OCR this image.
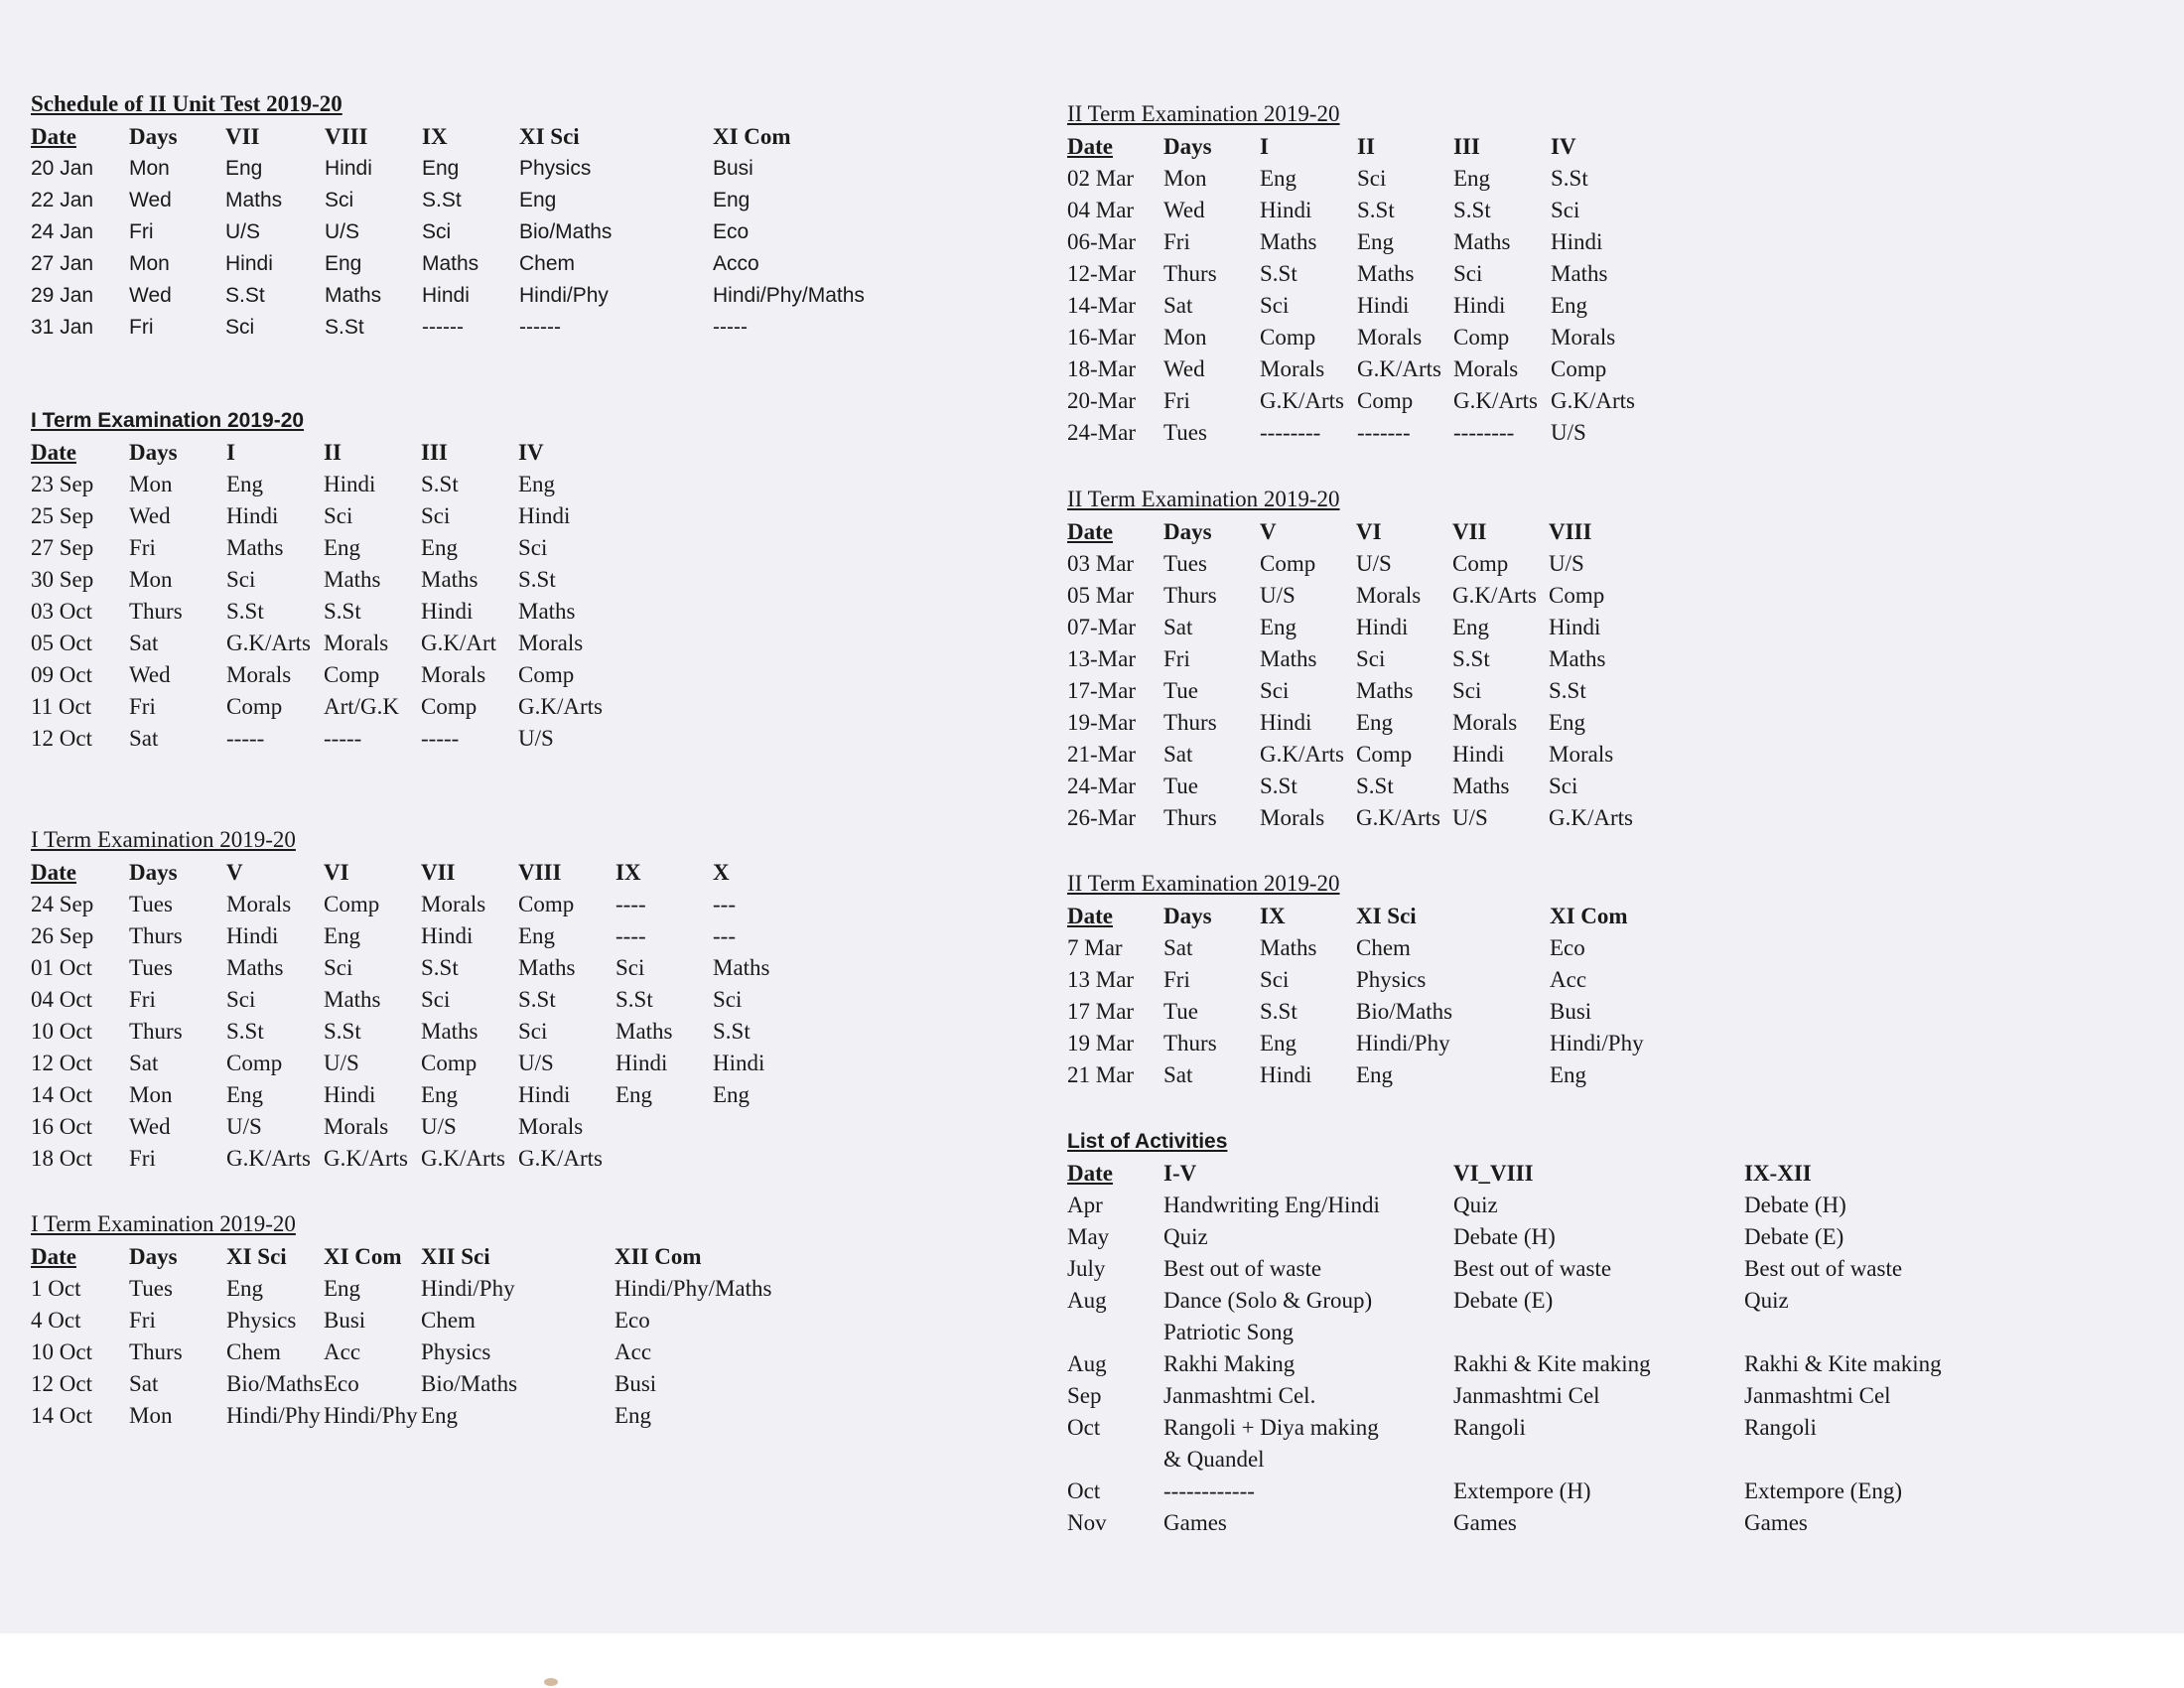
Schedule of II Unit Test 2019-20
Date	Days	VII	VIII	IX	XI Sci	XI Com
20 Jan	Mon	Eng	Hindi	Eng	Physics	Busi
22 Jan	Wed	Maths	Sci	S.St	Eng	Eng
24 Jan	Fri	U/S	U/S	Sci	Bio/Maths	Eco
27 Jan	Mon	Hindi	Eng	Maths	Chem	Acco
29 Jan	Wed	S.St	Maths	Hindi	Hindi/Phy	Hindi/Phy/Maths
31 Jan	Fri	Sci	S.St	------	------	-----
I Term Examination 2019-20
Date	Days	I	II	III	IV
23 Sep	Mon	Eng	Hindi	S.St	Eng
25 Sep	Wed	Hindi	Sci	Sci	Hindi
27 Sep	Fri	Maths	Eng	Eng	Sci
30 Sep	Mon	Sci	Maths	Maths	S.St
03 Oct	Thurs	S.St	S.St	Hindi	Maths
05 Oct	Sat	G.K/Arts	Morals	G.K/Art	Morals
09 Oct	Wed	Morals	Comp	Morals	Comp
11 Oct	Fri	Comp	Art/G.K	Comp	G.K/Arts
12 Oct	Sat	-----	-----	-----	U/S
I Term Examination 2019-20
Date	Days	V	VI	VII	VIII	IX	X
24 Sep	Tues	Morals	Comp	Morals	Comp	----	---
26 Sep	Thurs	Hindi	Eng	Hindi	Eng	----	---
01 Oct	Tues	Maths	Sci	S.St	Maths	Sci	Maths
04 Oct	Fri	Sci	Maths	Sci	S.St	S.St	Sci
10 Oct	Thurs	S.St	S.St	Maths	Sci	Maths	S.St
12 Oct	Sat	Comp	U/S	Comp	U/S	Hindi	Hindi
14 Oct	Mon	Eng	Hindi	Eng	Hindi	Eng	Eng
16 Oct	Wed	U/S	Morals	U/S	Morals		
18 Oct	Fri	G.K/Arts	G.K/Arts	G.K/Arts	G.K/Arts		
I Term Examination 2019-20
Date	Days	XI Sci	XI Com	XII Sci	XII Com
1 Oct	Tues	Eng	Eng	Hindi/Phy	Hindi/Phy/Maths
4 Oct	Fri	Physics	Busi	Chem	Eco
10 Oct	Thurs	Chem	Acc	Physics	Acc
12 Oct	Sat	Bio/Maths	Eco	Bio/Maths	Busi
14 Oct	Mon	Hindi/Phy	Hindi/Phy	Eng	Eng
II Term Examination 2019-20
Date	Days	I	II	III	IV
02 Mar	Mon	Eng	Sci	Eng	S.St
04 Mar	Wed	Hindi	S.St	S.St	Sci
06-Mar	Fri	Maths	Eng	Maths	Hindi
12-Mar	Thurs	S.St	Maths	Sci	Maths
14-Mar	Sat	Sci	Hindi	Hindi	Eng
16-Mar	Mon	Comp	Morals	Comp	Morals
18-Mar	Wed	Morals	G.K/Arts	Morals	Comp
20-Mar	Fri	G.K/Arts	Comp	G.K/Arts	G.K/Arts
24-Mar	Tues	--------	-------	--------	U/S
II Term Examination 2019-20
Date	Days	V	VI	VII	VIII
03 Mar	Tues	Comp	U/S	Comp	U/S
05 Mar	Thurs	U/S	Morals	G.K/Arts	Comp
07-Mar	Sat	Eng	Hindi	Eng	Hindi
13-Mar	Fri	Maths	Sci	S.St	Maths
17-Mar	Tue	Sci	Maths	Sci	S.St
19-Mar	Thurs	Hindi	Eng	Morals	Eng
21-Mar	Sat	G.K/Arts	Comp	Hindi	Morals
24-Mar	Tue	S.St	S.St	Maths	Sci
26-Mar	Thurs	Morals	G.K/Arts	U/S	G.K/Arts
II Term Examination 2019-20
Date	Days	IX	XI Sci	XI Com
7 Mar	Sat	Maths	Chem	Eco
13 Mar	Fri	Sci	Physics	Acc
17 Mar	Tue	S.St	Bio/Maths	Busi
19 Mar	Thurs	Eng	Hindi/Phy	Hindi/Phy
21 Mar	Sat	Hindi	Eng	Eng
List of Activities
Date	I-V	VI_VIII	IX-XII
Apr	Handwriting Eng/Hindi	Quiz	Debate (H)
May	Quiz	Debate (H)	Debate (E)
July	Best out of waste	Best out of waste	Best out of waste
Aug	Dance (Solo & Group)	Debate (E)	Quiz
	Patriotic Song		
Aug	Rakhi Making	Rakhi & Kite making	Rakhi & Kite making
Sep	Janmashtmi Cel.	Janmashtmi Cel	Janmashtmi Cel
Oct	Rangoli + Diya making	Rangoli	Rangoli
	& Quandel		
Oct	------------	Extempore (H)	Extempore (Eng)
Nov	Games	Games	Games
